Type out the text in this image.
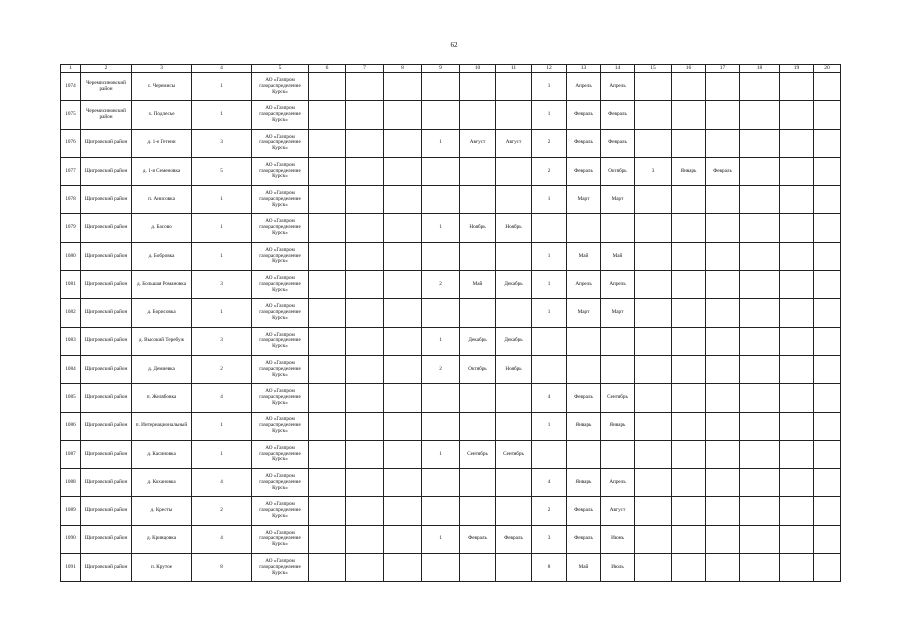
62
1	2	3	4	5	6	7	8	9	10	11	12	13	14	15	16	17	18	19	20
1074	Черемисиновский район	с. Черемисы	1	АО «Газпром газораспределение Курск»							1	Апрель	Апрель						
1075	Черемисиновский район	х. Подлесье	1	АО «Газпром газораспределение Курск»							1	Февраль	Февраль						
1076	Щигровский район	д. 1-е Гетени	3	АО «Газпром газораспределение Курск»				1	Август	Август	2	Февраль	Февраль						
1077	Щигровский район	д. 1-я Семеновка	5	АО «Газпром газораспределение Курск»							2	Февраль	Октябрь	3	Январь	Февраль			
1078	Щигровский район	п. Анисовка	1	АО «Газпром газораспределение Курск»							1	Март	Март						
1079	Щигровский район	д. Басово	1	АО «Газпром газораспределение Курск»				1	Ноябрь	Ноябрь									
1080	Щигровский район	д. Бобровка	1	АО «Газпром газораспределение Курск»							1	Май	Май						
1081	Щигровский район	д. Большая Романовка	3	АО «Газпром газораспределение Курск»				2	Май	Декабрь	1	Апрель	Апрель						
1082	Щигровский район	д. Борисовка	1	АО «Газпром газораспределение Курск»							1	Март	Март						
1083	Щигровский район	д. Высокий Теребуж	3	АО «Газпром газораспределение Курск»				1	Декабрь	Декабрь									
1084	Щигровский район	д. Демиевка	2	АО «Газпром газораспределение Курск»				2	Октябрь	Ноябрь									
1085	Щигровский район	п. Желябовка	4	АО «Газпром газораспределение Курск»							4	Февраль	Сентябрь						
1086	Щигровский район	п. Интернациональный	1	АО «Газпром газораспределение Курск»							1	Январь	Январь						
1087	Щигровский район	д. Касиновка	1	АО «Газпром газораспределение Курск»				1	Сентябрь	Сентябрь									
1088	Щигровский район	д. Кохановка	4	АО «Газпром газораспределение Курск»							4	Январь	Апрель						
1089	Щигровский район	д. Кресты	2	АО «Газпром газораспределение Курск»							2	Февраль	Август						
1090	Щигровский район	д. Кривцовка	4	АО «Газпром газораспределение Курск»				1	Февраль	Февраль	3	Февраль	Июнь						
1091	Щигровский район	п. Крутое	8	АО «Газпром газораспределение Курск»							8	Май	Июль						
